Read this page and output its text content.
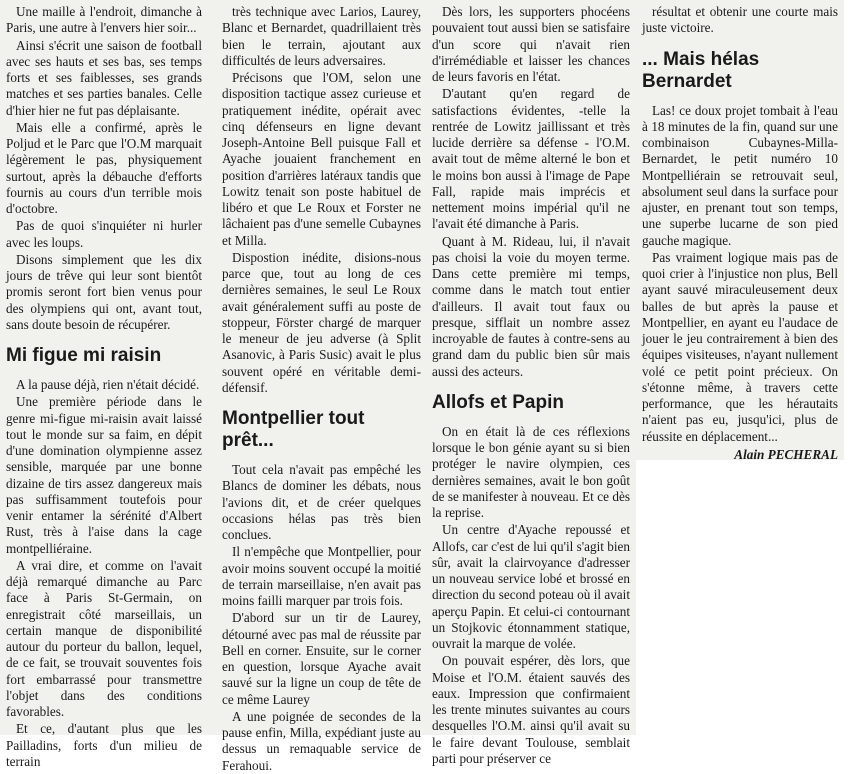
Une maille à l'endroit, dimanche à Paris, une autre à l'envers hier soir...

Ainsi s'écrit une saison de football avec ses hauts et ses bas, ses temps forts et ses faiblesses, ses grands matches et ses parties banales. Celle d'hier hier ne fut pas déplaisante.

Mais elle a confirmé, après le Poljud et le Parc que l'O.M marquait légèrement le pas, physiquement surtout, après la débauche d'efforts fournis au cours d'un terrible mois d'octobre.

Pas de quoi s'inquiéter ni hurler avec les loups.

Disons simplement que les dix jours de trêve qui leur sont bientôt promis seront fort bien venus pour des olympiens qui ont, avant tout, sans doute besoin de récupérer.

Mi figue mi raisin

A la pause déjà, rien n'était décidé.

Une première période dans le genre mi-figue mi-raisin avait laissé tout le monde sur sa faim, en dépit d'une domination olympienne assez sensible, marquée par une bonne dizaine de tirs assez dangereux mais pas suffisamment toutefois pour venir entamer la sérénité d'Albert Rust, très à l'aise dans la cage montpelliéraine.

A vrai dire, et comme on l'avait déjà remarqué dimanche au Parc face à Paris St-Germain, on enregistrait côté marseillais, un certain manque de disponibilité autour du porteur du ballon, lequel, de ce fait, se trouvait souventes fois fort embarrassé pour transmettre l'objet dans des conditions favorables.

Et ce, d'autant plus que les Pailladins, forts d'un milieu de terrain

très technique avec Larios, Laurey, Blanc et Bernardet, quadrillaient très bien le terrain, ajoutant aux difficultés de leurs adversaires.

Précisons que l'OM, selon une disposition tactique assez curieuse et pratiquement inédite, opérait avec cinq défenseurs en ligne devant Joseph-Antoine Bell puisque Fall et Ayache jouaient franchement en position d'arrières latéraux tandis que Lowitz tenait son poste habituel de libéro et que Le Roux et Forster ne lâchaient pas d'une semelle Cubaynes et Milla.

Dispostion inédite, disions-nous parce que, tout au long de ces dernières semaines, le seul Le Roux avait généralement suffi au poste de stoppeur, Förster chargé de marquer le meneur de jeu adverse (à Split Asanovic, à Paris Susic) avait le plus souvent opéré en véritable demi-défensif.

Montpellier tout prêt...

Tout cela n'avait pas empêché les Blancs de dominer les débats, nous l'avions dit, et de créer quelques occasions hélas pas très bien conclues.

Il n'empêche que Montpellier, pour avoir moins souvent occupé la moitié de terrain marseillaise, n'en avait pas moins failli marquer par trois fois.

D'abord sur un tir de Laurey, détourné avec pas mal de réussite par Bell en corner. Ensuite, sur le corner en question, lorsque Ayache avait sauvé sur la ligne un coup de tête de ce même Laurey

A une poignée de secondes de la pause enfin, Milla, expédiant juste au dessus un remaquable service de Ferahoui.

Dès lors, les supporters phocéens pouvaient tout aussi bien se satisfaire d'un score qui n'avait rien d'irrémédiable et laisser les chances de leurs favoris en l'état.

D'autant qu'en regard de satisfactions évidentes, -telle la rentrée de Lowitz jaillissant et très lucide derrière sa défense - l'O.M. avait tout de même alterné le bon et le moins bon aussi à l'image de Pape Fall, rapide mais imprécis et nettement moins impérial qu'il ne l'avait été dimanche à Paris.

Quant à M. Rideau, lui, il n'avait pas choisi la voie du moyen terme. Dans cette première mi temps, comme dans le match tout entier d'ailleurs. Il avait tout faux ou presque, sifflait un nombre assez incroyable de fautes à contre-sens au grand dam du public bien sûr mais aussi des acteurs.

Allofs et Papin

On en était là de ces réflexions lorsque le bon génie ayant su si bien protéger le navire olympien, ces dernières semaines, avait le bon goût de se manifester à nouveau. Et ce dès la reprise.

Un centre d'Ayache repoussé et Allofs, car c'est de lui qu'il s'agit bien sûr, avait la clairvoyance d'adresser un nouveau service lobé et brossé en direction du second poteau où il avait aperçu Papin. Et celui-ci contournant un Stojkovic étonnamment statique, ouvrait la marque de volée.

On pouvait espérer, dès lors, que Moise et l'O.M. étaient sauvés des eaux. Impression que confirmaient les trente minutes suivantes au cours desquelles l'O.M. ainsi qu'il avait su le faire devant Toulouse, semblait parti pour préserver ce

résultat et obtenir une courte mais juste victoire.

... Mais hélas Bernardet

Las! ce doux projet tombait à l'eau à 18 minutes de la fin, quand sur une combinaison Cubaynes-Milla-Bernardet, le petit numéro 10 Montpelliérain se retrouvait seul, absolument seul dans la surface pour ajuster, en prenant tout son temps, une superbe lucarne de son pied gauche magique.

Pas vraiment logique mais pas de quoi crier à l'injustice non plus, Bell ayant sauvé miraculeusement deux balles de but après la pause et Montpellier, en ayant eu l'audace de jouer le jeu contrairement à bien des équipes visiteuses, n'ayant nullement volé ce petit point précieux. On s'étonne même, à travers cette performance, que les hérautaits n'aient pas eu, jusqu'ici, plus de réussite en déplacement...

Alain PECHERAL
